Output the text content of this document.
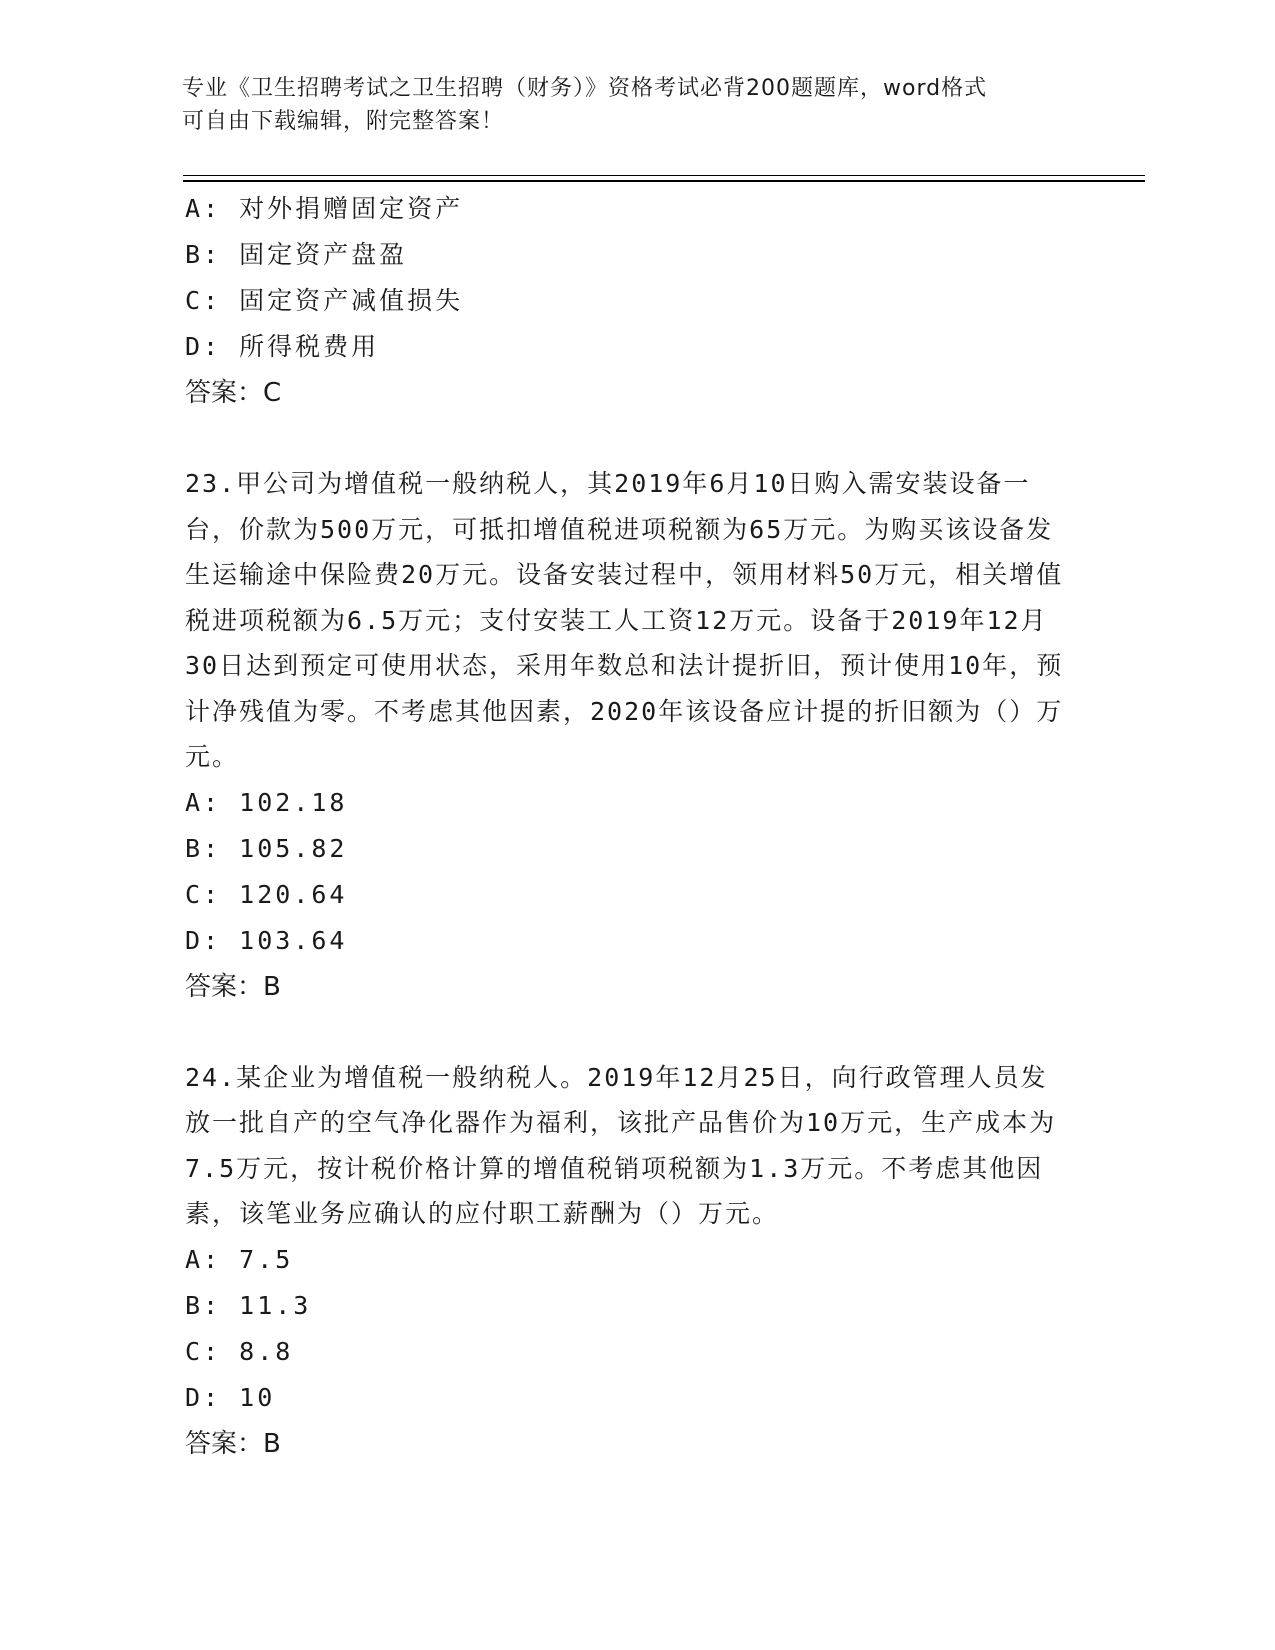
专业《卫生招聘考试之卫生招聘（财务）》资格考试必背200题题库，word格式
可自由下载编辑，附完整答案！
A: 对外捐赠固定资产
B: 固定资产盘盈
C: 固定资产减值损失
D: 所得税费用
答案：C
23.甲公司为增值税一般纳税人，其2019年6月10日购入需安装设备一台，价款为500万元，可抵扣增值税进项税额为65万元。为购买该设备发生运输途中保险费20万元。设备安装过程中，领用材料50万元，相关增值税进项税额为6.5万元；支付安装工人工资12万元。设备于2019年12月30日达到预定可使用状态，采用年数总和法计提折旧，预计使用10年，预计净残值为零。不考虑其他因素，2020年该设备应计提的折旧额为（）万元。
A: 102.18
B: 105.82
C: 120.64
D: 103.64
答案：B
24.某企业为增值税一般纳税人。2019年12月25日，向行政管理人员发放一批自产的空气净化器作为福利，该批产品售价为10万元，生产成本为7.5万元，按计税价格计算的增值税销项税额为1.3万元。不考虑其他因素，该笔业务应确认的应付职工薪酬为（）万元。
A: 7.5
B: 11.3
C: 8.8
D: 10
答案：B
